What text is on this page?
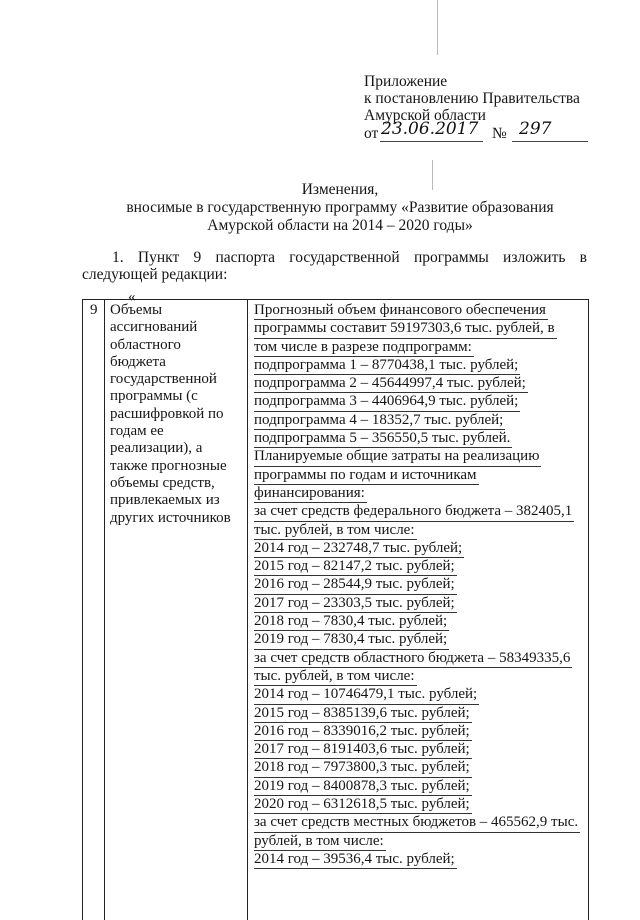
Приложение
к постановлению Правительства
Амурской области
от 23.06.2017 № 297
Изменения,
вносимые в государственную программу «Развитие образования
Амурской области на 2014 – 2020 годы»
1. Пункт 9 паспорта государственной программы изложить в
следующей редакции:
«
9 Объемы
ассигнований
областного
бюджета
государственной
программы (с
расшифровкой по
годам ее
реализации), а
также прогнозные
объемы средств,
привлекаемых из
других источников
Прогнозный объем финансового обеспечения
программы составит 59197303,6 тыс. рублей, в
том числе в разрезе подпрограмм:
подпрограмма 1 – 8770438,1 тыс. рублей;
подпрограмма 2 – 45644997,4 тыс. рублей;
подпрограмма 3 – 4406964,9 тыс. рублей;
подпрограмма 4 – 18352,7 тыс. рублей;
подпрограмма 5 – 356550,5 тыс. рублей.
Планируемые общие затраты на реализацию
программы по годам и источникам
финансирования:
за счет средств федерального бюджета – 382405,1
тыс. рублей, в том числе:
2014 год – 232748,7 тыс. рублей;
2015 год – 82147,2 тыс. рублей;
2016 год – 28544,9 тыс. рублей;
2017 год – 23303,5 тыс. рублей;
2018 год – 7830,4 тыс. рублей;
2019 год – 7830,4 тыс. рублей;
за счет средств областного бюджета – 58349335,6
тыс. рублей, в том числе:
2014 год – 10746479,1 тыс. рублей;
2015 год – 8385139,6 тыс. рублей;
2016 год – 8339016,2 тыс. рублей;
2017 год – 8191403,6 тыс. рублей;
2018 год – 7973800,3 тыс. рублей;
2019 год – 8400878,3 тыс. рублей;
2020 год – 6312618,5 тыс. рублей;
за счет средств местных бюджетов – 465562,9 тыс.
рублей, в том числе:
2014 год – 39536,4 тыс. рублей;
